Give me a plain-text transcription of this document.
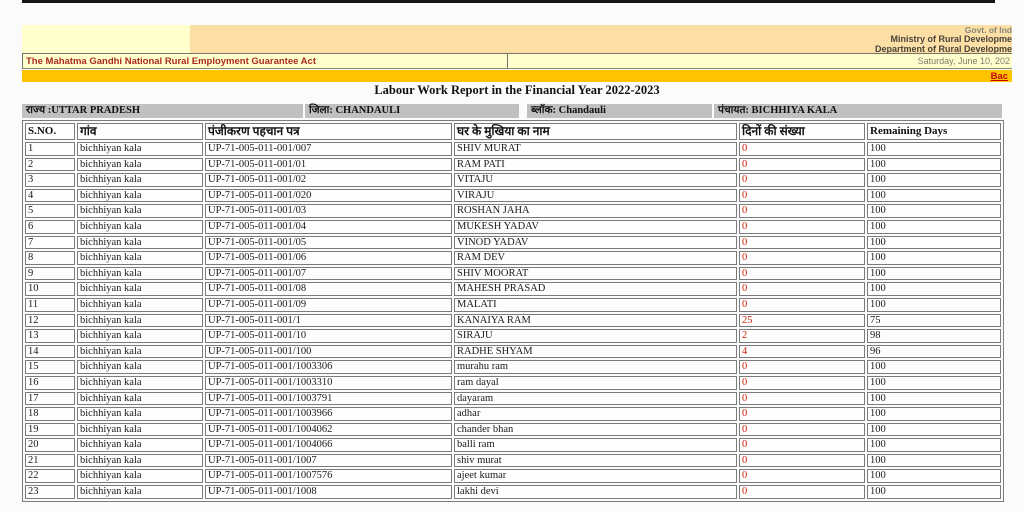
Govt. of Ind
Ministry of Rural Developme
Department of Rural Developme
The Mahatma Gandhi National Rural Employment Guarantee Act	Saturday, June 10, 202
Bac
Labour Work Report in the Financial Year 2022-2023
राज्य :UTTAR PRADESH	जिला: CHANDAULI	ब्लॉक: Chandauli	पंचायत: BICHHIYA KALA
S.NO.	गांव	पंजीकरण पहचान पत्र	घर के मुखिया का नाम	दिनों की संख्या	Remaining Days
1	bichhiyan kala	UP-71-005-011-001/007	SHIV MURAT	0	100
2	bichhiyan kala	UP-71-005-011-001/01	RAM PATI	0	100
3	bichhiyan kala	UP-71-005-011-001/02	VITAJU	0	100
4	bichhiyan kala	UP-71-005-011-001/020	VIRAJU	0	100
5	bichhiyan kala	UP-71-005-011-001/03	ROSHAN JAHA	0	100
6	bichhiyan kala	UP-71-005-011-001/04	MUKESH YADAV	0	100
7	bichhiyan kala	UP-71-005-011-001/05	VINOD YADAV	0	100
8	bichhiyan kala	UP-71-005-011-001/06	RAM DEV	0	100
9	bichhiyan kala	UP-71-005-011-001/07	SHIV MOORAT	0	100
10	bichhiyan kala	UP-71-005-011-001/08	MAHESH PRASAD	0	100
11	bichhiyan kala	UP-71-005-011-001/09	MALATI	0	100
12	bichhiyan kala	UP-71-005-011-001/1	KANAIYA RAM	25	75
13	bichhiyan kala	UP-71-005-011-001/10	SIRAJU	2	98
14	bichhiyan kala	UP-71-005-011-001/100	RADHE SHYAM	4	96
15	bichhiyan kala	UP-71-005-011-001/1003306	murahu ram	0	100
16	bichhiyan kala	UP-71-005-011-001/1003310	ram dayal	0	100
17	bichhiyan kala	UP-71-005-011-001/1003791	dayaram	0	100
18	bichhiyan kala	UP-71-005-011-001/1003966	adhar	0	100
19	bichhiyan kala	UP-71-005-011-001/1004062	chander bhan	0	100
20	bichhiyan kala	UP-71-005-011-001/1004066	balli ram	0	100
21	bichhiyan kala	UP-71-005-011-001/1007	shiv murat	0	100
22	bichhiyan kala	UP-71-005-011-001/1007576	ajeet kumar	0	100
23	bichhiyan kala	UP-71-005-011-001/1008	lakhi devi	0	100
